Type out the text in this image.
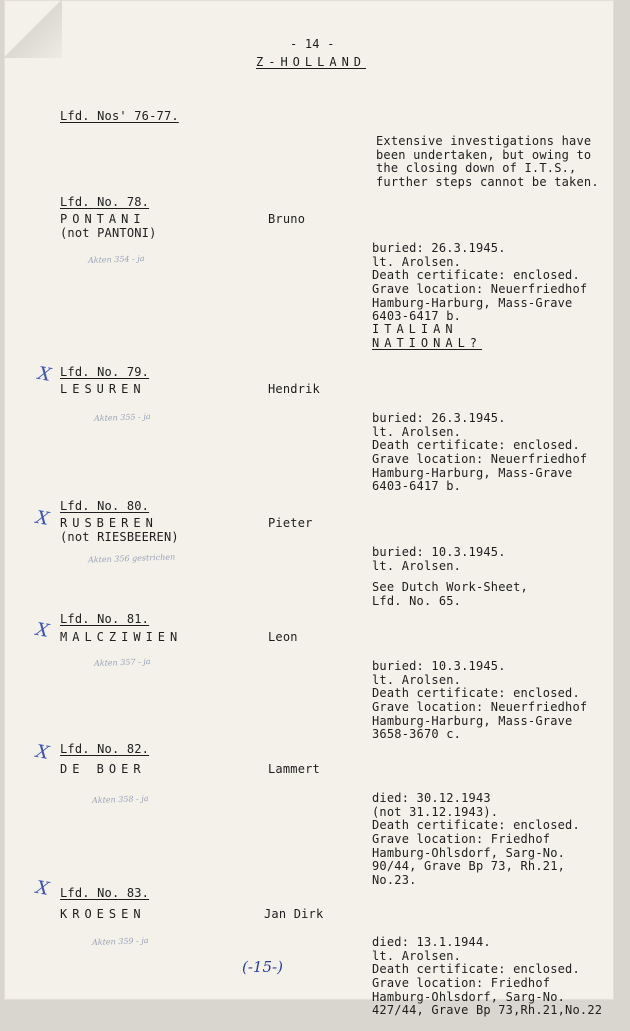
- 14 -
Z-HOLLAND
Lfd. Nos' 76-77.

Extensive investigations have
been undertaken, but owing to
the closing down of I.T.S.,
further steps cannot be taken.

Lfd. No. 78.
PONTANI
(not PANTONI)
Akten 354 - ja
Bruno

buried: 26.3.1945.
lt. Arolsen.
Death certificate: enclosed.
Grave location: Neuerfriedhof
Hamburg-Harburg, Mass-Grave
6403-6417 b.

ITALIAN
NATIONAL?

X Lfd. No. 79.
LESUREN
Akten 355 - ja
Hendrik

buried: 26.3.1945.
lt. Arolsen.
Death certificate: enclosed.
Grave location: Neuerfriedhof
Hamburg-Harburg, Mass-Grave
6403-6417 b.

X
Lfd. No. 80.
RUSBEREN
(not RIESBEEREN)
Akten 356 gestrichen
Pieter

buried: 10.3.1945.
lt. Arolsen.
See Dutch Work-Sheet,
Lfd. No. 65.

X
Lfd. No. 81.
MALCZIWIEN
Akten 357 - ja
Leon

buried: 10.3.1945.
lt. Arolsen.
Death certificate: enclosed.
Grave location: Neuerfriedhof
Hamburg-Harburg, Mass-Grave
3658-3670 c.

X Lfd. No. 82.
DE BOER
Akten 358 - ja
Lammert

died: 30.12.1943
(not 31.12.1943).
Death certificate: enclosed.
Grave location: Friedhof
Hamburg-Ohlsdorf, Sarg-No.
90/44, Grave Bp 73, Rh.21,
No.23.

X Lfd. No. 83.
KROESEN
Akten 359 - ja
Jan Dirk

died: 13.1.1944.
lt. Arolsen.
Death certificate: enclosed.
Grave location: Friedhof
Hamburg-Ohlsdorf, Sarg-No.
427/44, Grave Bp 73,Rh.21,No.22

(-15-)
